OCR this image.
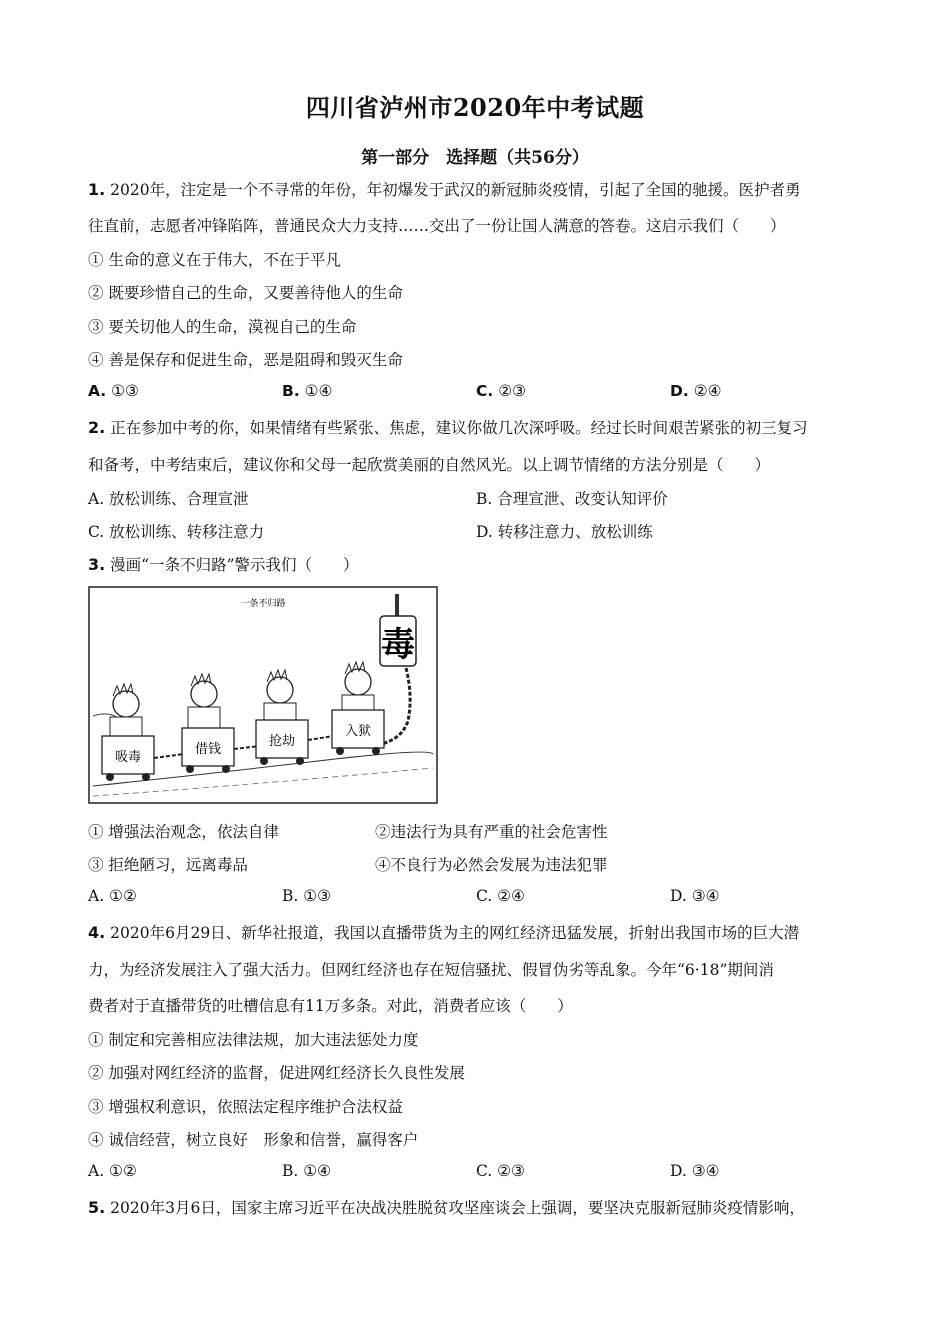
四川省泸州市2020年中考试题
第一部分　选择题（共56分）
1. 2020年，注定是一个不寻常的年份，年初爆发于武汉的新冠肺炎疫情，引起了全国的驰援。医护者勇
往直前，志愿者冲锋陷阵，普通民众大力支持……交出了一份让国人满意的答卷。这启示我们（　　）
① 生命的意义在于伟大，不在于平凡
② 既要珍惜自己的生命，又要善待他人的生命
③ 要关切他人的生命，漠视自己的生命
④ 善是保存和促进生命，恶是阻碍和毁灭生命
A. ①③	B. ①④	C. ②③	D. ②④
2. 正在参加中考的你，如果情绪有些紧张、焦虑，建议你做几次深呼吸。经过长时间艰苦紧张的初三复习
和备考，中考结束后，建议你和父母一起欣赏美丽的自然风光。以上调节情绪的方法分别是（　　）
A. 放松训练、合理宣泄	B. 合理宣泄、改变认知评价
C. 放松训练、转移注意力	D. 转移注意力、放松训练
3. 漫画“一条不归路”警示我们（　　）
一条不归路
毒
吸毒
借钱
抢劫
入狱
① 增强法治观念，依法自律	②违法行为具有严重的社会危害性
③ 拒绝陋习，远离毒品	④不良行为必然会发展为违法犯罪
A. ①②	B. ①③	C. ②④	D. ③④
4. 2020年6月29日、新华社报道，我国以直播带货为主的网红经济迅猛发展，折射出我国市场的巨大潜
力，为经济发展注入了强大活力。但网红经济也存在短信骚扰、假冒伪劣等乱象。今年“6·18”期间消
费者对于直播带货的吐槽信息有11万多条。对此，消费者应该（　　）
① 制定和完善相应法律法规，加大违法惩处力度
② 加强对网红经济的监督，促进网红经济长久良性发展
③ 增强权利意识，依照法定程序维护合法权益
④ 诚信经营，树立良好　形象和信誉，赢得客户
A. ①②	B. ①④	C. ②③	D. ③④
5. 2020年3月6日，国家主席习近平在决战决胜脱贫攻坚座谈会上强调，要坚决克服新冠肺炎疫情影响，
